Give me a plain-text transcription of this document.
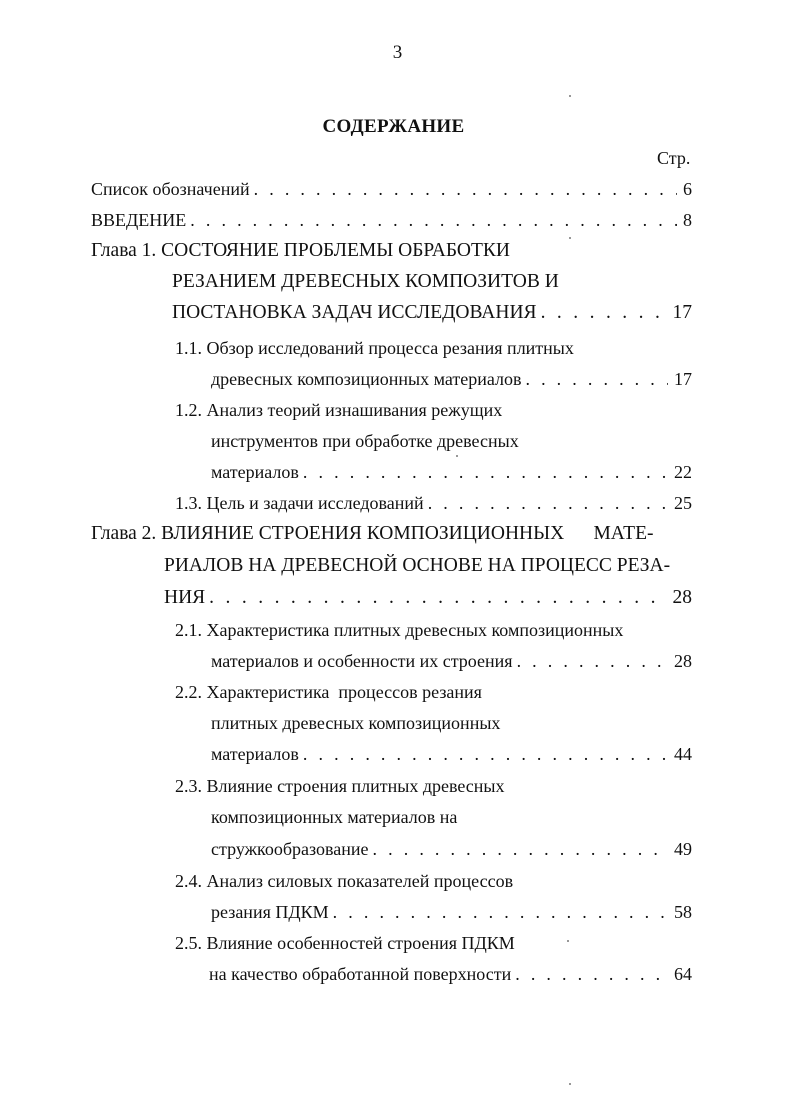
3
СОДЕРЖАНИЕ
Стр.
Список обозначений . . .	6
ВВЕДЕНИЕ . . .	8
Глава 1. СОСТОЯНИЕ ПРОБЛЕМЫ ОБРАБОТКИ
РЕЗАНИЕМ ДРЕВЕСНЫХ КОМПОЗИТОВ И
ПОСТАНОВКА ЗАДАЧ ИССЛЕДОВАНИЯ . . .	17
1.1. Обзор исследований процесса резания плитных
древесных композиционных материалов . . .	17
1.2. Анализ теорий изнашивания режущих
инструментов при обработке древесных
материалов . . .	22
1.3. Цель и задачи исследований . . .	25
Глава 2. ВЛИЯНИЕ СТРОЕНИЯ КОМПОЗИЦИОННЫХ      МАТЕ-
РИАЛОВ НА ДРЕВЕСНОЙ ОСНОВЕ НА ПРОЦЕСС РЕЗА-
НИЯ . . .	28
2.1. Характеристика плитных древесных композиционных
материалов и особенности их строения . . .	28
2.2. Характеристика  процессов резания
плитных древесных композиционных
материалов . . .	44
2.3. Влияние строения плитных древесных
композиционных материалов на
стружкообразование . . .	49
2.4. Анализ силовых показателей процессов
резания ПДКМ . . .	58
2.5. Влияние особенностей строения ПДКМ
на качество обработанной поверхности . . .	64
